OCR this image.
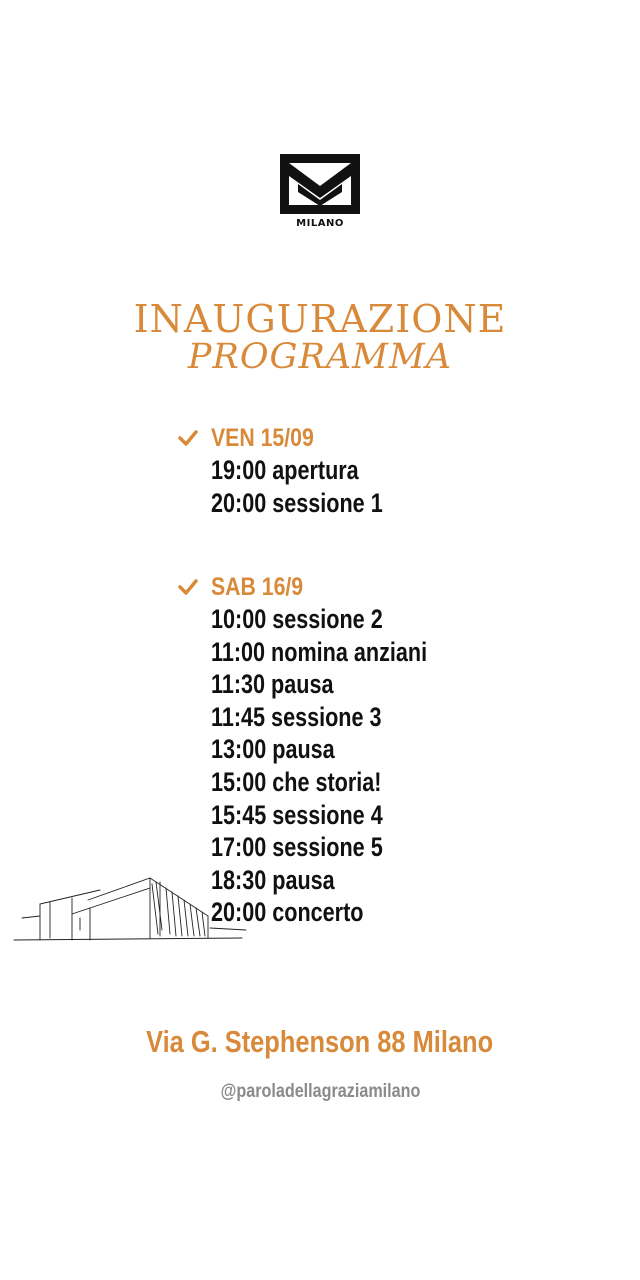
MILANO
INAUGURAZIONE
PROGRAMMA
VEN 15/09
19:00 apertura
20:00 sessione 1
SAB 16/9
10:00 sessione 2
11:00 nomina anziani
11:30 pausa
11:45 sessione 3
13:00 pausa
15:00 che storia!
15:45 sessione 4
17:00 sessione 5
18:30 pausa
20:00 concerto
Via G. Stephenson 88 Milano
@paroladellagraziamilano
